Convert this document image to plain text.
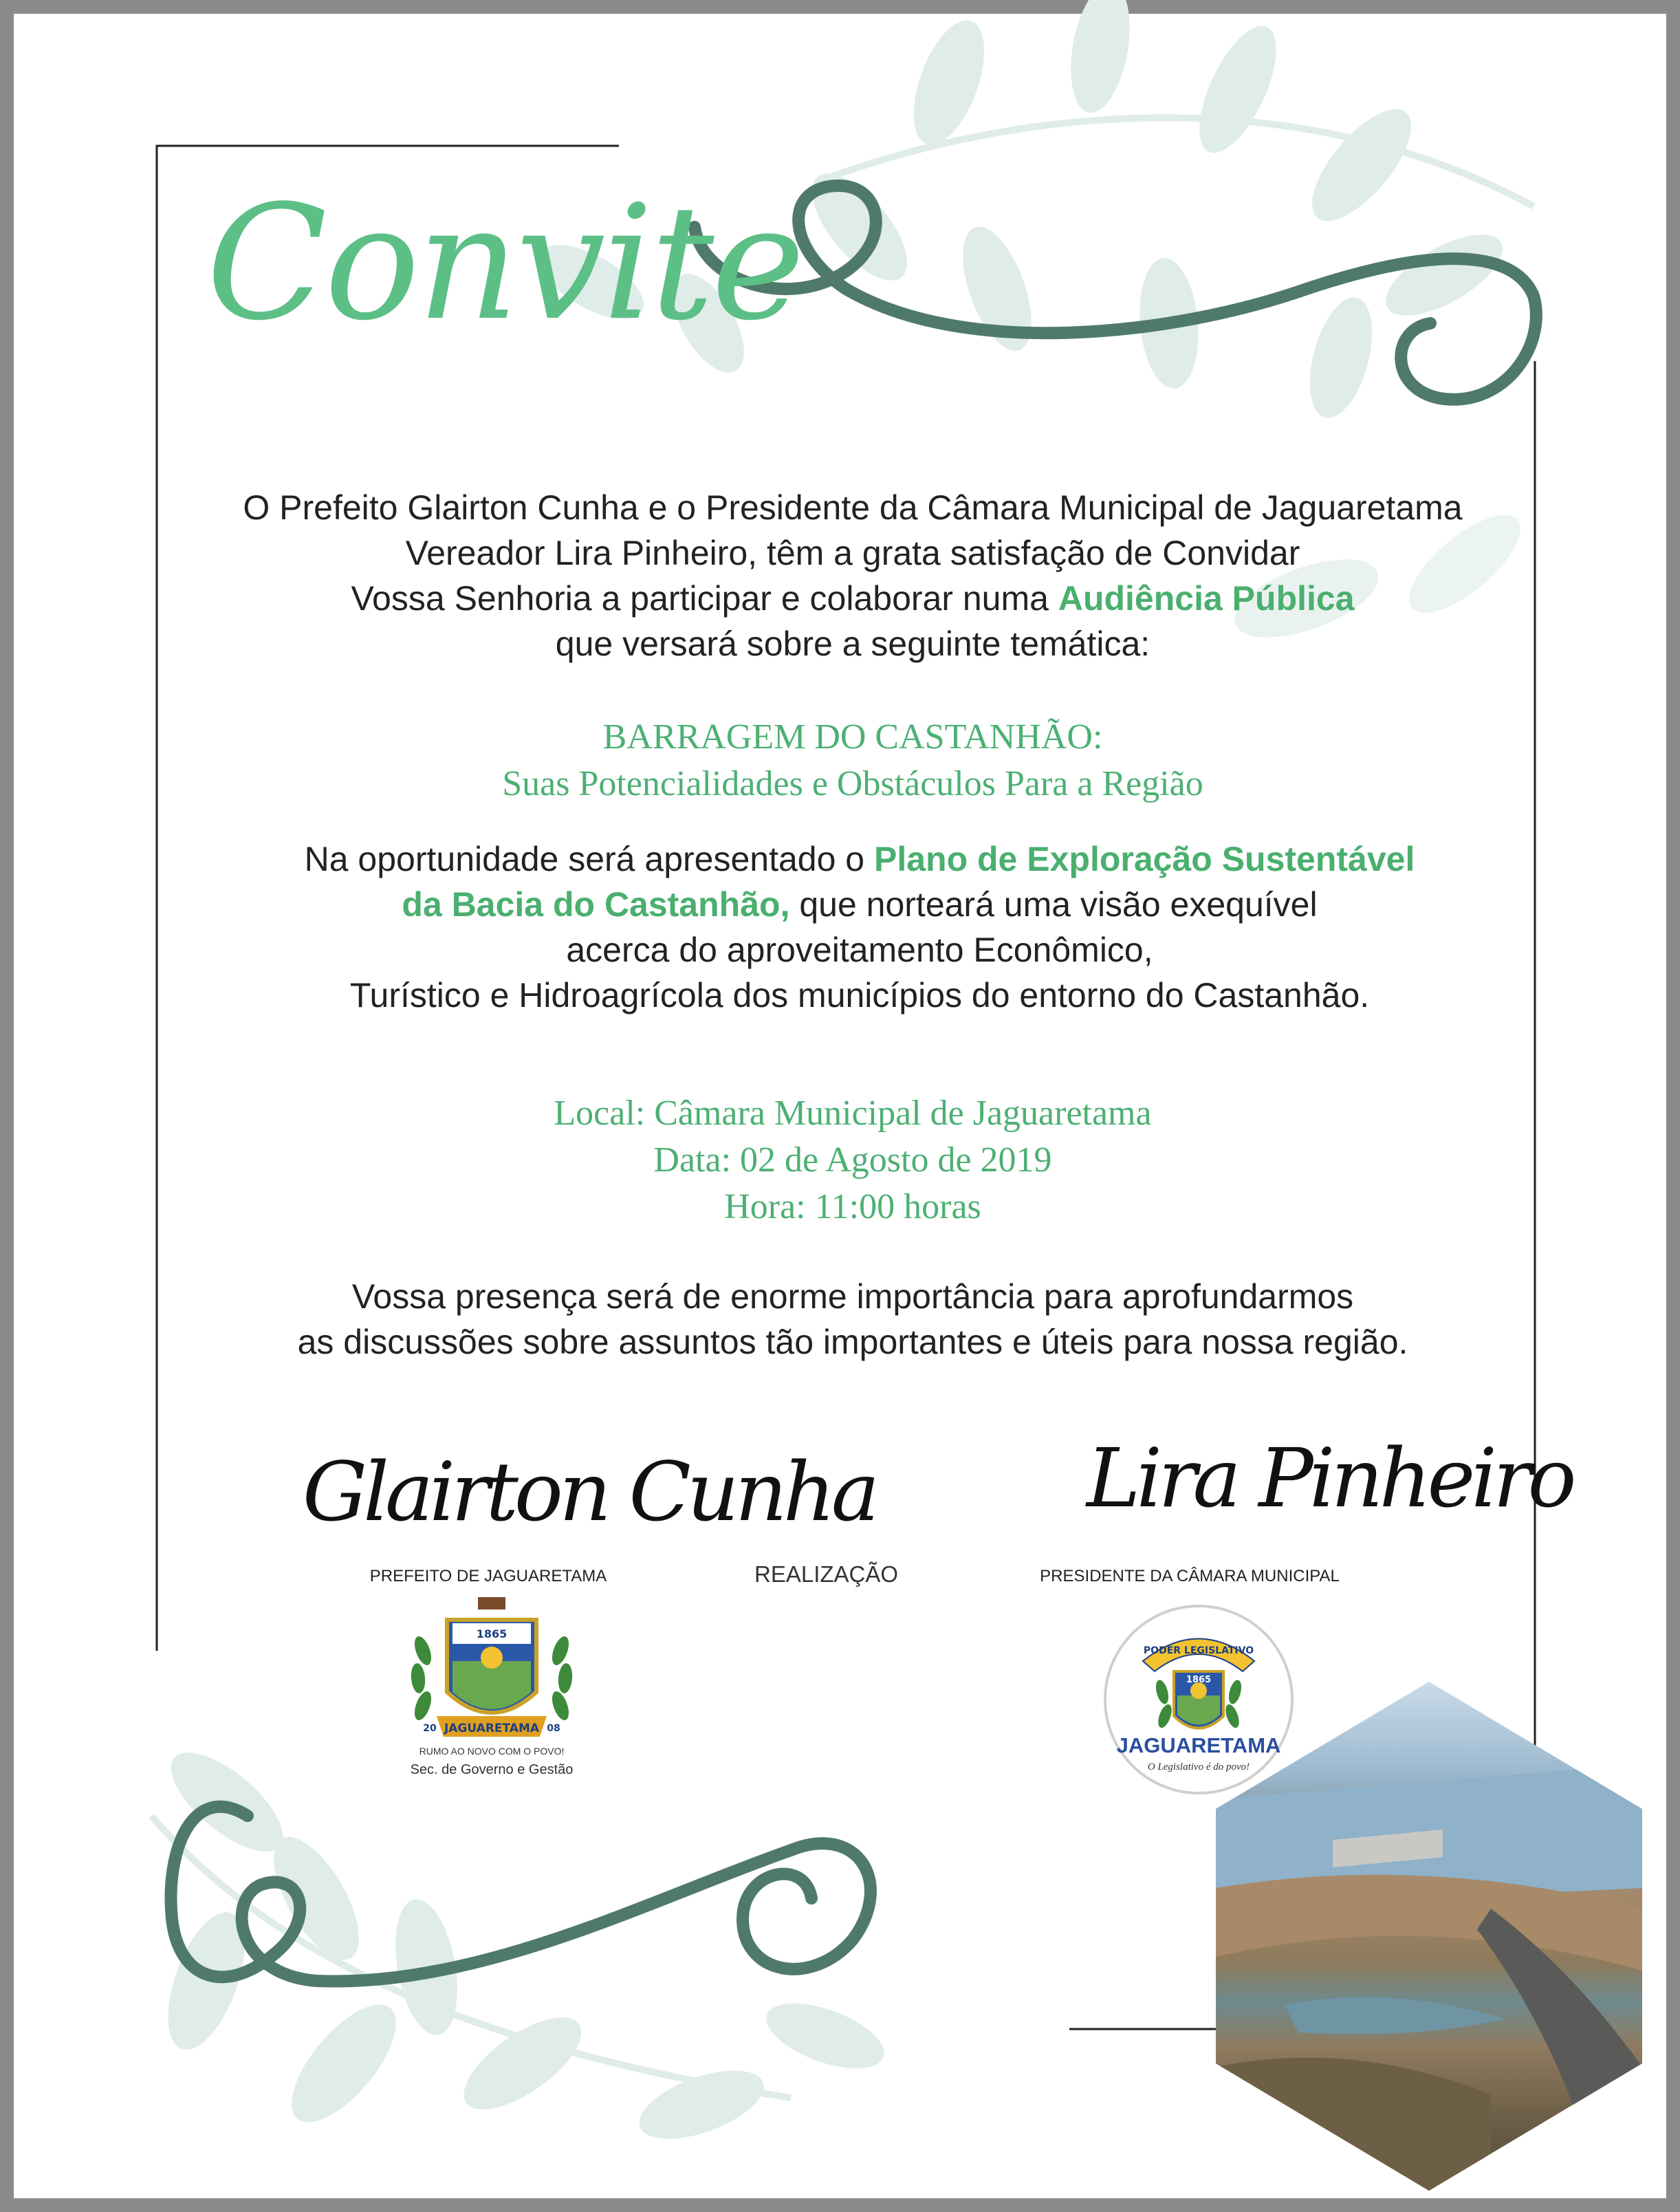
Convite
O Prefeito Glairton Cunha e o Presidente da Câmara Municipal de Jaguaretama
Vereador Lira Pinheiro, têm a grata satisfação de Convidar
Vossa Senhoria a participar e colaborar numa Audiência Pública
que versará sobre a seguinte temática:
BARRAGEM DO CASTANHÃO:
Suas Potencialidades e Obstáculos Para a Região
Na oportunidade será apresentado o Plano de Exploração Sustentável
da Bacia do Castanhão, que norteará uma visão exequível
acerca do aproveitamento Econômico,
Turístico e Hidroagrícola dos municípios do entorno do Castanhão.
Local: Câmara Municipal de Jaguaretama
Data: 02 de Agosto de 2019
Hora: 11:00 horas
Vossa presença será de enorme importância para aprofundarmos
as discussões sobre assuntos tão importantes e úteis para nossa região.
Glairton Cunha	Lira Pinheiro
PREFEITO DE JAGUARETAMA	REALIZAÇÃO	PRESIDENTE DA CÂMARA MUNICIPAL
1865
JAGUARETAMA
20	08
RUMO AO NOVO COM O POVO!
Sec. de Governo e Gestão
PODER LEGISLATIVO
1865
JAGUARETAMA
O Legislativo é do povo!
